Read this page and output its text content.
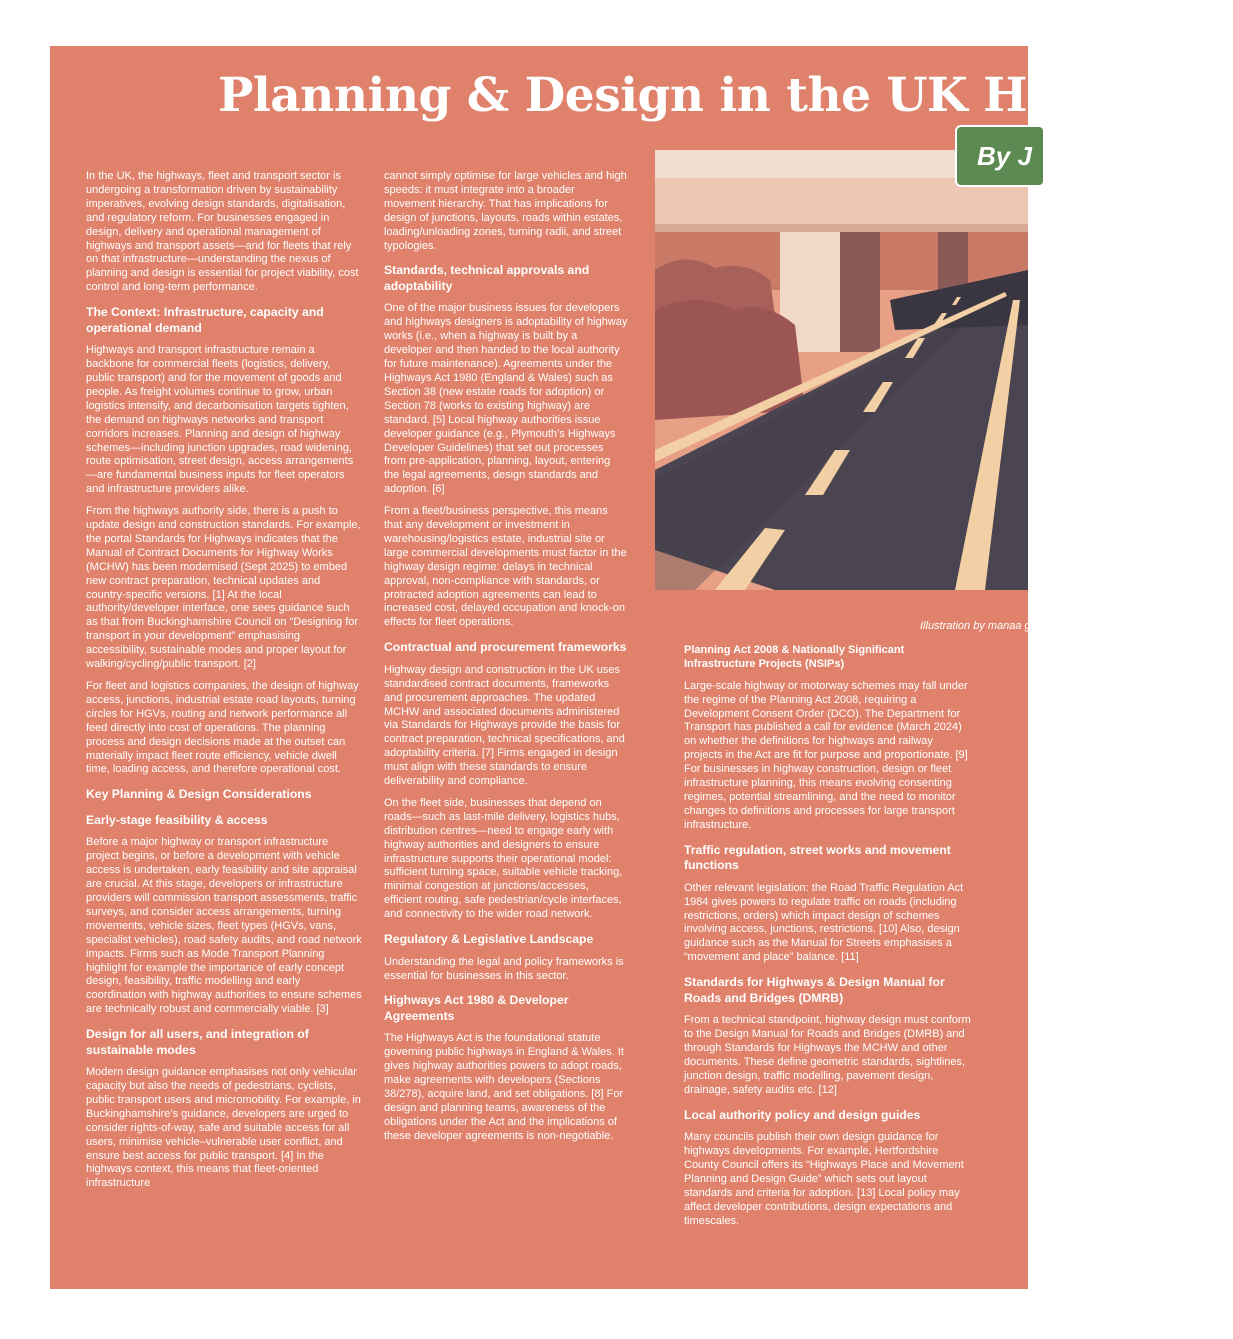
Planning & Design in the UK Highways
By J

In the UK, the highways, fleet and transport sector is undergoing a transformation driven by sustainability imperatives, evolving design standards, digitalisation, and regulatory reform. For businesses engaged in design, delivery and operational management of highways and transport assets—and for fleets that rely on that infrastructure—understanding the nexus of planning and design is essential for project viability, cost control and long-term performance.

The Context: Infrastructure, capacity and operational demand

Highways and transport infrastructure remain a backbone for commercial fleets (logistics, delivery, public transport) and for the movement of goods and people. As freight volumes continue to grow, urban logistics intensify, and decarbonisation targets tighten, the demand on highways networks and transport corridors increases. Planning and design of highway schemes—including junction upgrades, road widening, route optimisation, street design, access arrangements—are fundamental business inputs for fleet operators and infrastructure providers alike.

From the highways authority side, there is a push to update design and construction standards. For example, the portal Standards for Highways indicates that the Manual of Contract Documents for Highway Works (MCHW) has been modernised (Sept 2025) to embed new contract preparation, technical updates and country-specific versions. [1] At the local authority/developer interface, one sees guidance such as that from Buckinghamshire Council on “Designing for transport in your development” emphasising accessibility, sustainable modes and proper layout for walking/cycling/public transport. [2]

For fleet and logistics companies, the design of highway access, junctions, industrial estate road layouts, turning circles for HGVs, routing and network performance all feed directly into cost of operations. The planning process and design decisions made at the outset can materially impact fleet route efficiency, vehicle dwell time, loading access, and therefore operational cost.

Key Planning & Design Considerations
Early-stage feasibility & access

Before a major highway or transport infrastructure project begins, or before a development with vehicle access is undertaken, early feasibility and site appraisal are crucial. At this stage, developers or infrastructure providers will commission transport assessments, traffic surveys, and consider access arrangements, turning movements, vehicle sizes, fleet types (HGVs, vans, specialist vehicles), road safety audits, and road network impacts. Firms such as Mode Transport Planning highlight for example the importance of early concept design, feasibility, traffic modelling and early coordination with highway authorities to ensure schemes are technically robust and commercially viable. [3]

Design for all users, and integration of sustainable modes

Modern design guidance emphasises not only vehicular capacity but also the needs of pedestrians, cyclists, public transport users and micromobility. For example, in Buckinghamshire’s guidance, developers are urged to consider rights-of-way, safe and suitable access for all users, minimise vehicle–vulnerable user conflict, and ensure best access for public transport. [4] In the highways context, this means that fleet-oriented infrastructure

cannot simply optimise for large vehicles and high speeds: it must integrate into a broader movement hierarchy. That has implications for design of junctions, layouts, roads within estates, loading/unloading zones, turning radii, and street typologies.

Standards, technical approvals and adoptability

One of the major business issues for developers and highways designers is adoptability of highway works (i.e., when a highway is built by a developer and then handed to the local authority for future maintenance). Agreements under the Highways Act 1980 (England & Wales) such as Section 38 (new estate roads for adoption) or Section 78 (works to existing highway) are standard. [5] Local highway authorities issue developer guidance (e.g., Plymouth’s Highways Developer Guidelines) that set out processes from pre-application, planning, layout, entering the legal agreements, design standards and adoption. [6]

From a fleet/business perspective, this means that any development or investment in warehousing/logistics estate, industrial site or large commercial developments must factor in the highway design regime: delays in technical approval, non-compliance with standards, or protracted adoption agreements can lead to increased cost, delayed occupation and knock-on effects for fleet operations.

Contractual and procurement frameworks

Highway design and construction in the UK uses standardised contract documents, frameworks and procurement approaches. The updated MCHW and associated documents administered via Standards for Highways provide the basis for contract preparation, technical specifications, and adoptability criteria. [7] Firms engaged in design must align with these standards to ensure deliverability and compliance.

On the fleet side, businesses that depend on roads—such as last-mile delivery, logistics hubs, distribution centres—need to engage early with highway authorities and designers to ensure infrastructure supports their operational model: sufficient turning space, suitable vehicle tracking, minimal congestion at junctions/accesses, efficient routing, safe pedestrian/cycle interfaces, and connectivity to the wider road network.

Regulatory & Legislative Landscape

Understanding the legal and policy frameworks is essential for businesses in this sector.

Highways Act 1980 & Developer Agreements

The Highways Act is the foundational statute governing public highways in England & Wales. It gives highway authorities powers to adopt roads, make agreements with developers (Sections 38/278), acquire land, and set obligations. [8] For design and planning teams, awareness of the obligations under the Act and the implications of these developer agreements is non-negotiable.

Illustration by manaa g
Planning Act 2008 & Nationally Significant Infrastructure Projects (NSIPs)

Large-scale highway or motorway schemes may fall under the regime of the Planning Act 2008, requiring a Development Consent Order (DCO). The Department for Transport has published a call for evidence (March 2024) on whether the definitions for highways and railway projects in the Act are fit for purpose and proportionate. [9] For businesses in highway construction, design or fleet infrastructure planning, this means evolving consenting regimes, potential streamlining, and the need to monitor changes to definitions and processes for large transport infrastructure.

Traffic regulation, street works and movement functions

Other relevant legislation: the Road Traffic Regulation Act 1984 gives powers to regulate traffic on roads (including restrictions, orders) which impact design of schemes involving access, junctions, restrictions. [10] Also, design guidance such as the Manual for Streets emphasises a “movement and place” balance. [11]

Standards for Highways & Design Manual for Roads and Bridges (DMRB)

From a technical standpoint, highway design must conform to the Design Manual for Roads and Bridges (DMRB) and through Standards for Highways the MCHW and other documents. These define geometric standards, sightlines, junction design, traffic modelling, pavement design, drainage, safety audits etc. [12]

Local authority policy and design guides

Many councils publish their own design guidance for highways developments. For example, Hertfordshire County Council offers its “Highways Place and Movement Planning and Design Guide” which sets out layout standards and criteria for adoption. [13] Local policy may affect developer contributions, design expectations and timescales.
